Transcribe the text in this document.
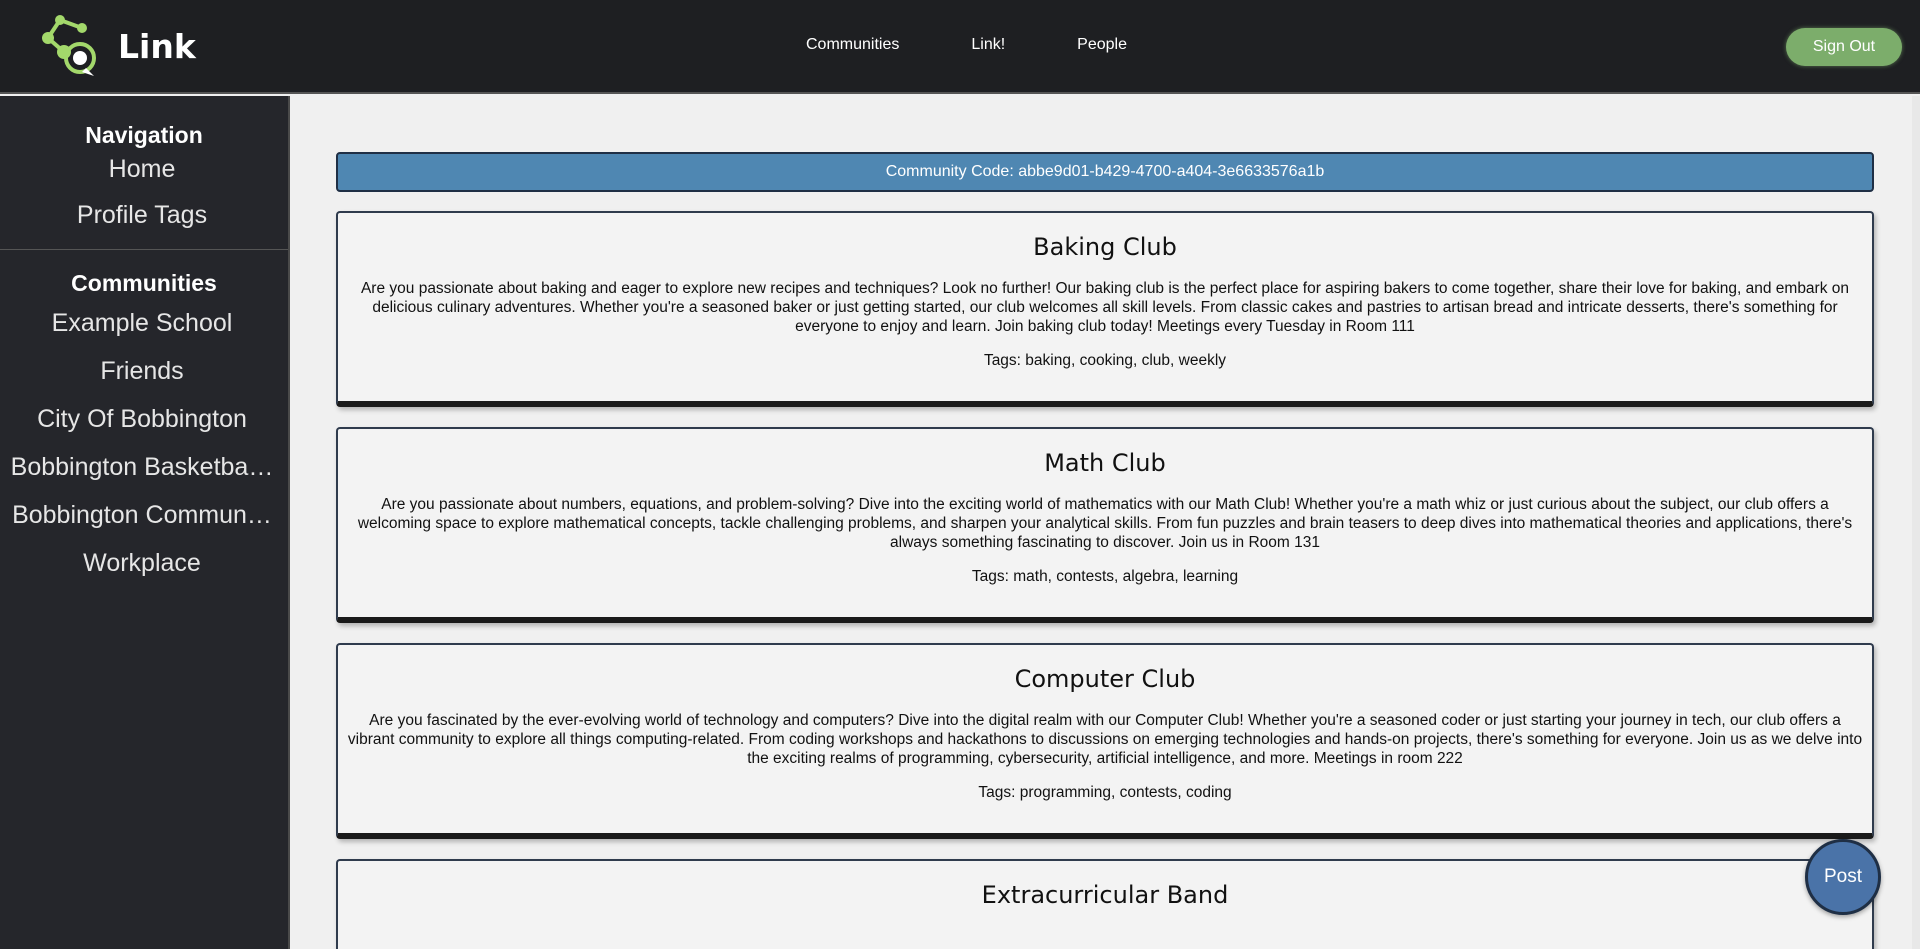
Link	Communities	Link!	People	Sign Out
Navigation
Home
Profile Tags
Communities
Example School
Friends
City Of Bobbington
Bobbington Basketba…
Bobbington Commun…
Workplace
Community Code: abbe9d01-b429-4700-a404-3e6633576a1b
Baking Club
Are you passionate about baking and eager to explore new recipes and techniques? Look no further! Our baking club is the perfect place for aspiring bakers to come together, share their love for baking, and embark on delicious culinary adventures. Whether you're a seasoned baker or just getting started, our club welcomes all skill levels. From classic cakes and pastries to artisan bread and intricate desserts, there's something for everyone to enjoy and learn. Join baking club today! Meetings every Tuesday in Room 111
Tags: baking, cooking, club, weekly
Math Club
Are you passionate about numbers, equations, and problem-solving? Dive into the exciting world of mathematics with our Math Club! Whether you're a math whiz or just curious about the subject, our club offers a welcoming space to explore mathematical concepts, tackle challenging problems, and sharpen your analytical skills. From fun puzzles and brain teasers to deep dives into mathematical theories and applications, there's always something fascinating to discover. Join us in Room 131
Tags: math, contests, algebra, learning
Computer Club
Are you fascinated by the ever-evolving world of technology and computers? Dive into the digital realm with our Computer Club! Whether you're a seasoned coder or just starting your journey in tech, our club offers a vibrant community to explore all things computing-related. From coding workshops and hackathons to discussions on emerging technologies and hands-on projects, there's something for everyone. Join us as we delve into the exciting realms of programming, cybersecurity, artificial intelligence, and more. Meetings in room 222
Tags: programming, contests, coding
Extracurricular Band
Post
